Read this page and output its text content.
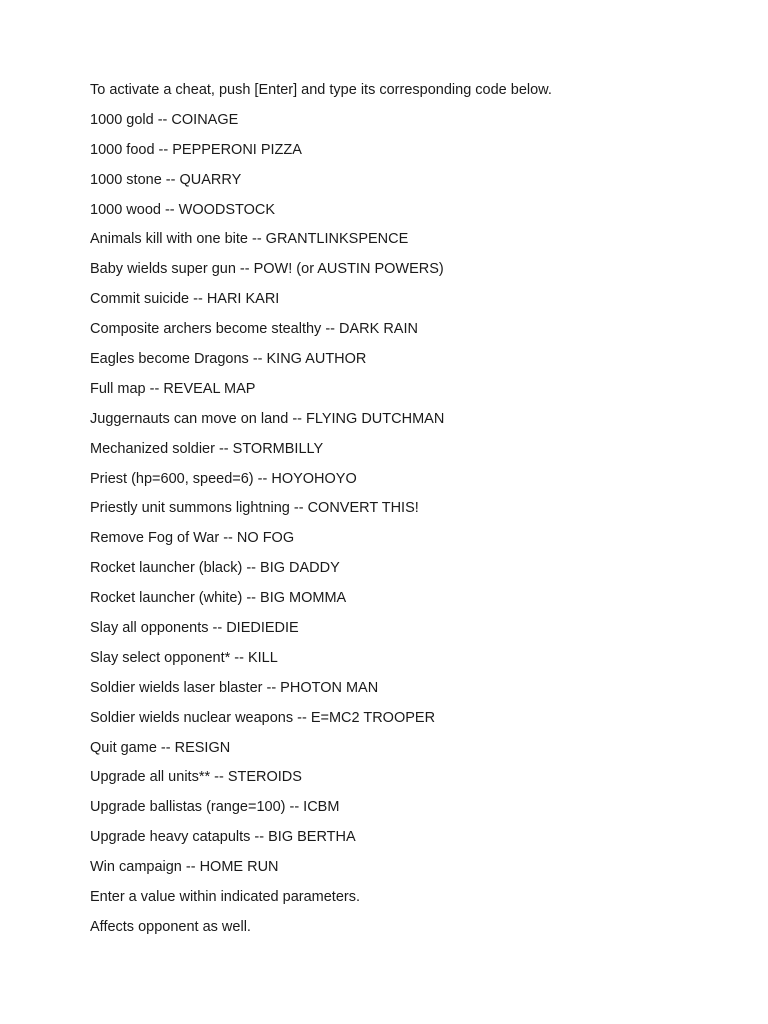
To activate a cheat, push [Enter] and type its corresponding code below.
1000 gold -- COINAGE
1000 food -- PEPPERONI PIZZA
1000 stone -- QUARRY
1000 wood -- WOODSTOCK
Animals kill with one bite -- GRANTLINKSPENCE
Baby wields super gun -- POW! (or AUSTIN POWERS)
Commit suicide -- HARI KARI
Composite archers become stealthy -- DARK RAIN
Eagles become Dragons -- KING AUTHOR
Full map -- REVEAL MAP
Juggernauts can move on land -- FLYING DUTCHMAN
Mechanized soldier -- STORMBILLY
Priest (hp=600, speed=6) -- HOYOHOYO
Priestly unit summons lightning -- CONVERT THIS!
Remove Fog of War -- NO FOG
Rocket launcher (black) -- BIG DADDY
Rocket launcher (white) -- BIG MOMMA
Slay all opponents -- DIEDIEDIE
Slay select opponent* -- KILL
Soldier wields laser blaster -- PHOTON MAN
Soldier wields nuclear weapons -- E=MC2 TROOPER
Quit game -- RESIGN
Upgrade all units** -- STEROIDS
Upgrade ballistas (range=100) -- ICBM
Upgrade heavy catapults -- BIG BERTHA
Win campaign -- HOME RUN
Enter a value within indicated parameters.
Affects opponent as well.
